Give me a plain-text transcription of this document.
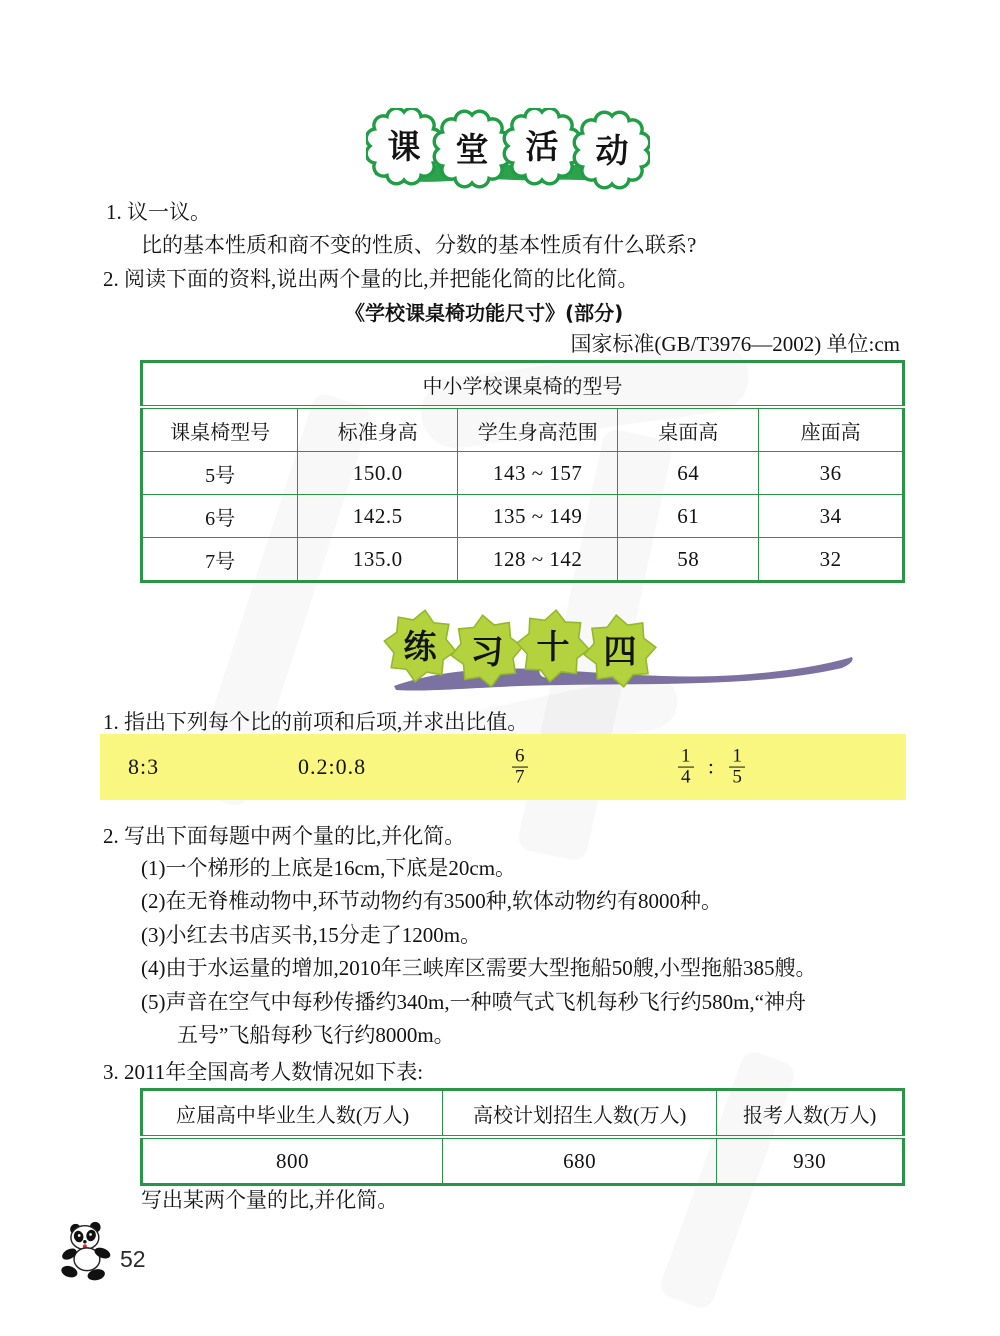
课 堂 活 动
1. 议一议。
比的基本性质和商不变的性质、分数的基本性质有什么联系?
2. 阅读下面的资料,说出两个量的比,并把能化简的比化简。
《学校课桌椅功能尺寸》(部分)
国家标准(GB/T3976—2002) 单位:cm
中小学校课桌椅的型号				
课桌椅型号	标准身高	学生身高范围	桌面高	座面高
5号	150.0	143 ~ 157	64	36
6号	142.5	135 ~ 149	61	34
7号	135.0	128 ~ 142	58	32
练 习 十 四
1. 指出下列每个比的前项和后项,并求出比值。
8:3	0.2:0.8	$\frac{6}{7}$	$\frac{1}{4}$ : $\frac{1}{5}$
2. 写出下面每题中两个量的比,并化简。
(1)一个梯形的上底是16cm,下底是20cm。
(2)在无脊椎动物中,环节动物约有3500种,软体动物约有8000种。
(3)小红去书店买书,15分走了1200m。
(4)由于水运量的增加,2010年三峡库区需要大型拖船50艘,小型拖船385艘。
(5)声音在空气中每秒传播约340m,一种喷气式飞机每秒飞行约580m,“神舟
五号”飞船每秒飞行约8000m。
3. 2011年全国高考人数情况如下表:
应届高中毕业生人数(万人)	高校计划招生人数(万人)	报考人数(万人)
800	680	930
写出某两个量的比,并化简。
52
